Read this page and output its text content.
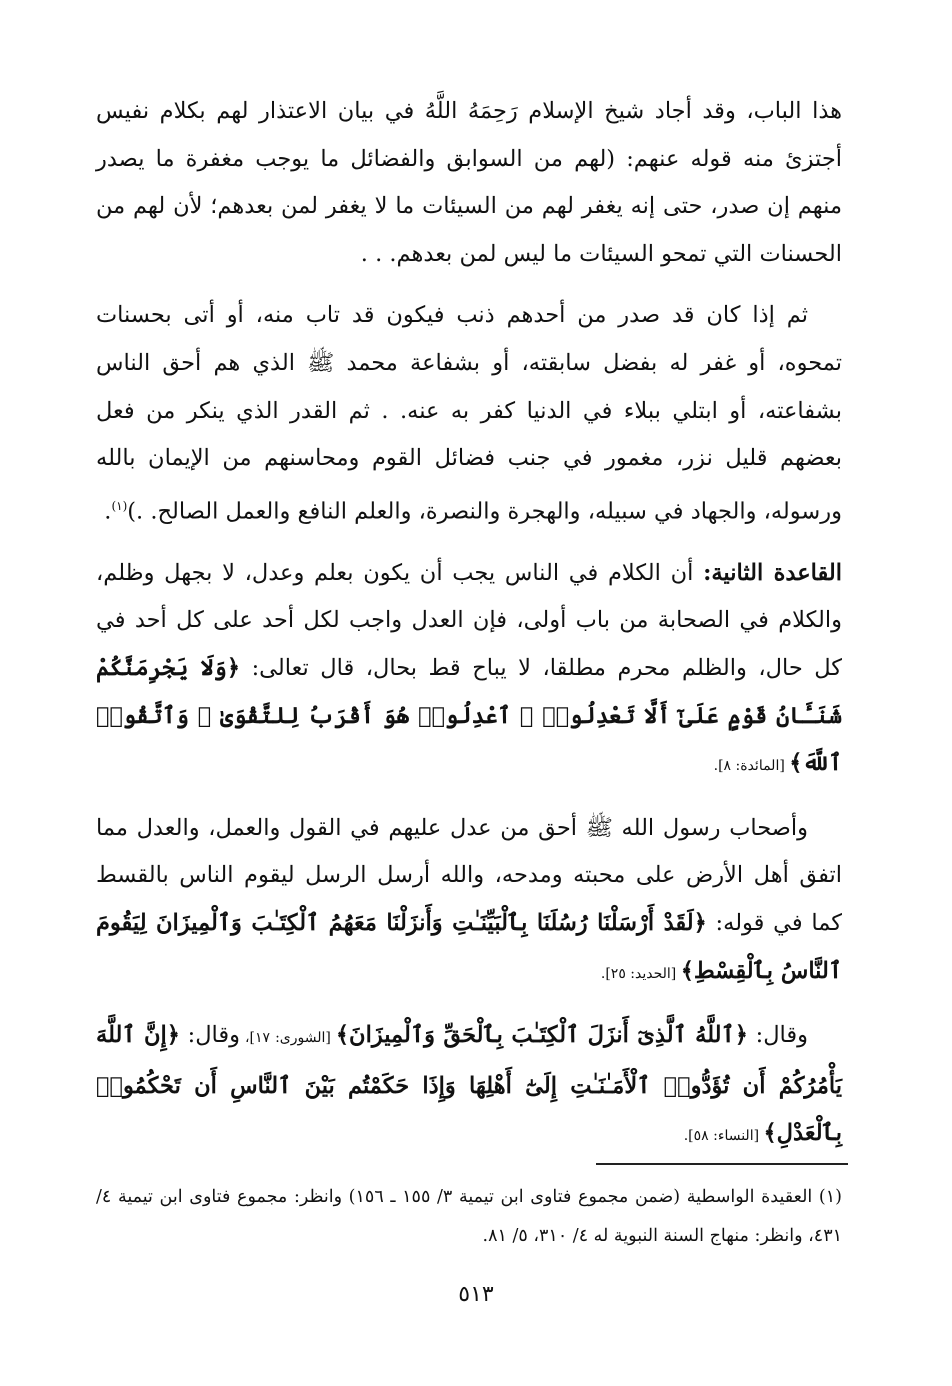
هذا الباب، وقد أجاد شيخ الإسلام رَحِمَهُ اللَّهُ في بيان الاعتذار لهم بكلام نفيس أجتزئ منه قوله عنهم: (لهم من السوابق والفضائل ما يوجب مغفرة ما يصدر منهم إن صدر، حتى إنه يغفر لهم من السيئات ما لا يغفر لمن بعدهم؛ لأن لهم من الحسنات التي تمحو السيئات ما ليس لمن بعدهم. . .

ثم إذا كان قد صدر من أحدهم ذنب فيكون قد تاب منه، أو أتى بحسنات تمحوه، أو غفر له بفضل سابقته، أو بشفاعة محمد ﷺ الذي هم أحق الناس بشفاعته، أو ابتلي ببلاء في الدنيا كفر به عنه. . ثم القدر الذي ينكر من فعل بعضهم قليل نزر، مغمور في جنب فضائل القوم ومحاسنهم من الإيمان بالله ورسوله، والجهاد في سبيله، والهجرة والنصرة، والعلم النافع والعمل الصالح. .)$^{(١)}$.

القاعدة الثانية: أن الكلام في الناس يجب أن يكون بعلم وعدل، لا بجهل وظلم، والكلام في الصحابة من باب أولى، فإن العدل واجب لكل أحد على كل أحد في كل حال، والظلم محرم مطلقا، لا يباح قط بحال، قال تعالى: ﴿وَلَا يَجْرِمَنَّكُمْ شَنَـَٔانُ قَوْمٍ عَلَىٰٓ أَلَّا تَعْدِلُوا۟ ۚ ٱعْدِلُوا۟ هُوَ أَقْرَبُ لِلتَّقْوَىٰ ۖ وَٱتَّقُوا۟ ٱللَّهَ﴾ [المائدة: ٨].

وأصحاب رسول الله ﷺ أحق من عدل عليهم في القول والعمل، والعدل مما اتفق أهل الأرض على محبته ومدحه، والله أرسل الرسل ليقوم الناس بالقسط كما في قوله: ﴿لَقَدْ أَرْسَلْنَا رُسُلَنَا بِٱلْبَيِّنَـٰتِ وَأَنزَلْنَا مَعَهُمُ ٱلْكِتَـٰبَ وَٱلْمِيزَانَ لِيَقُومَ ٱلنَّاسُ بِٱلْقِسْطِ﴾ [الحديد: ٢٥].

وقال: ﴿ٱللَّهُ ٱلَّذِىٓ أَنزَلَ ٱلْكِتَـٰبَ بِٱلْحَقِّ وَٱلْمِيزَانَ﴾ [الشورى: ١٧]، وقال: ﴿إِنَّ ٱللَّهَ يَأْمُرُكُمْ أَن تُؤَدُّوا۟ ٱلْأَمَـٰنَـٰتِ إِلَىٰٓ أَهْلِهَا وَإِذَا حَكَمْتُم بَيْنَ ٱلنَّاسِ أَن تَحْكُمُوا۟ بِٱلْعَدْلِ﴾ [النساء: ٥٨].

(١) العقيدة الواسطية (ضمن مجموع فتاوى ابن تيمية ٣/ ١٥٥ ـ ١٥٦) وانظر: مجموع فتاوى ابن تيمية ٤/ ٤٣١، وانظر: منهاج السنة النبوية له ٤/ ٣١٠، ٥/ ٨١.
٥١٣
